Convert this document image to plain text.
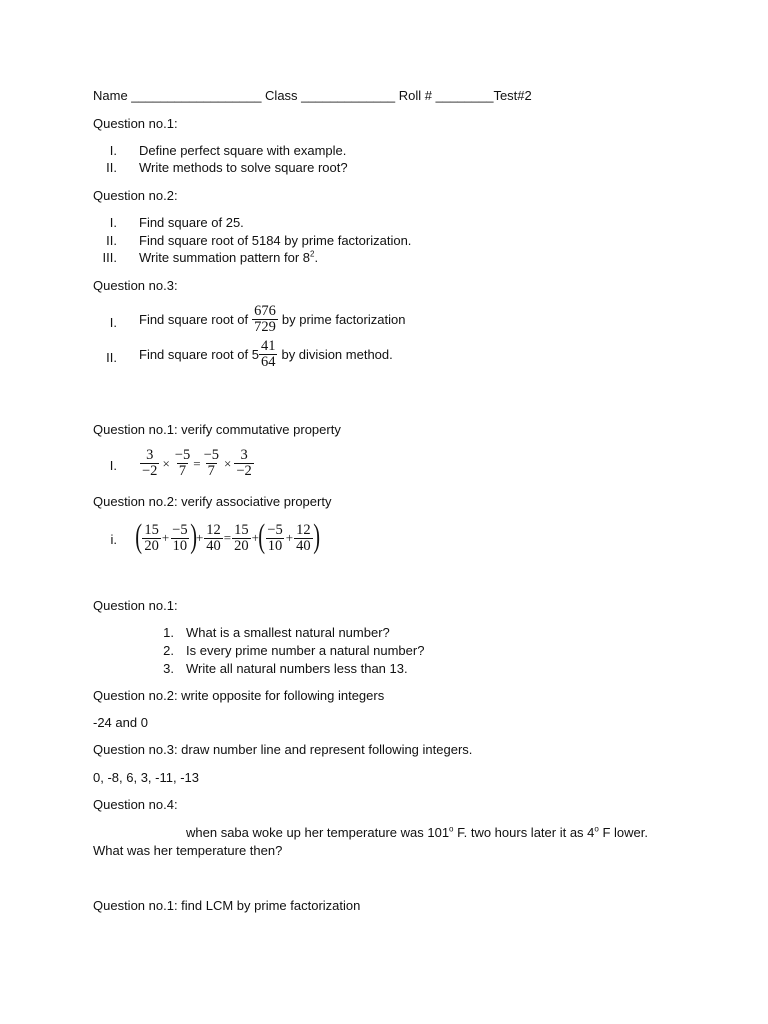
Name __________________ Class _____________ Roll # ________Test#2
Question no.1:
I. Define perfect square with example.
II. Write methods to solve square root?
Question no.2:
I. Find square of 25.
II. Find square root of 5184 by prime factorization.
III. Write summation pattern for $8^2$.
Question no.3:
I. Find square root of $\frac{676}{729}$ by prime factorization
II. Find square root of $5 \frac{41}{64}$ by division method.
Question no.1: verify commutative property
I. $\frac{3}{-2} \times \frac{-5}{7} = \frac{-5}{7} \times \frac{3}{-2}$
Question no.2: verify associative property
i. ( $\frac{15}{20} + \frac{-5}{10}$ ) + $\frac{12}{40} = \frac{15}{20}$ + ( $\frac{-5}{10} + \frac{12}{40}$ )
Question no.1:
1. What is a smallest natural number?
2. Is every prime number a natural number?
3. Write all natural numbers less than 13.
Question no.2: write opposite for following integers
-24 and 0
Question no.3: draw number line and represent following integers.
0, -8, 6, 3, -11, -13
Question no.4:
when saba woke up her temperature was 101$^o$ F. two hours later it as 4$^o$ F lower.
What was her temperature then?
Question no.1: find LCM by prime factorization
